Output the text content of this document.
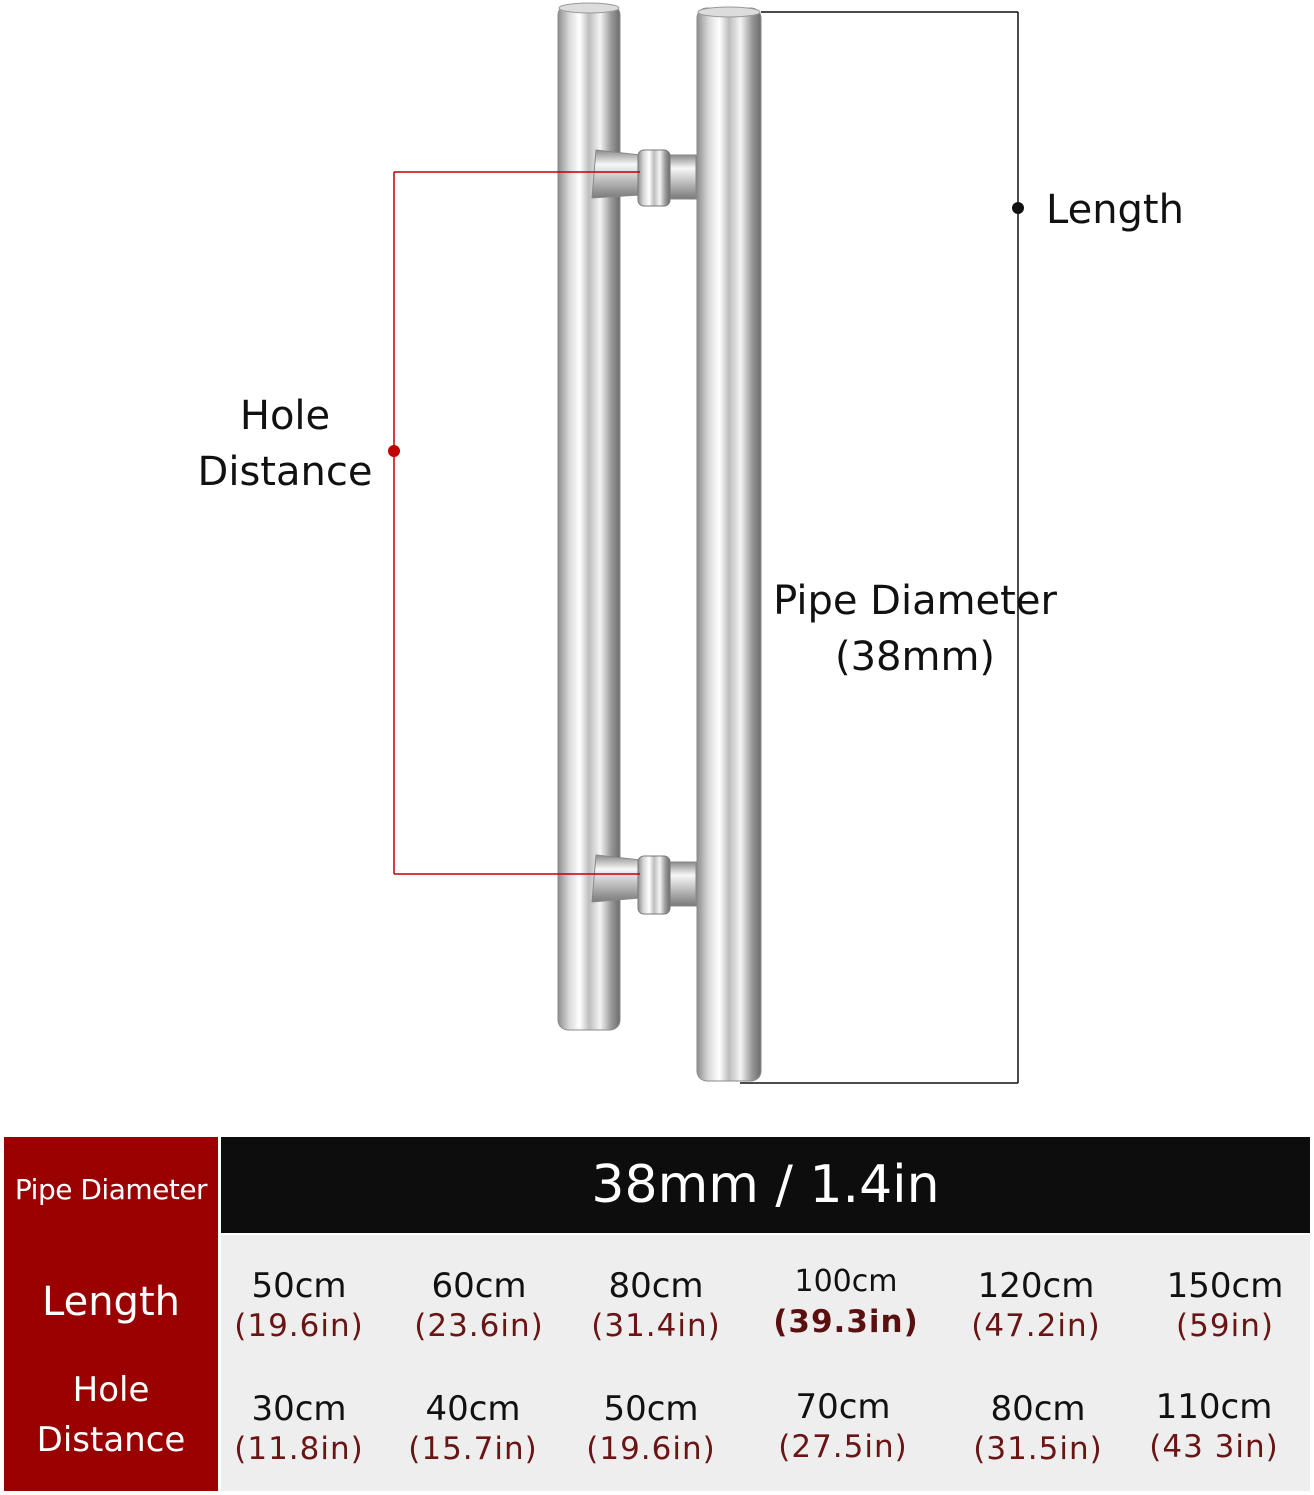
Length
Hole
Distance
Pipe Diameter
(38mm)
Pipe Diameter
Length
Hole
Distance
38mm / 1.4in
50cm
(19.6in)
60cm
(23.6in)
80cm
(31.4in)
100cm
(39.3in)
120cm
(47.2in)
150cm
(59in)
30cm
(11.8in)
40cm
(15.7in)
50cm
(19.6in)
70cm
(27.5in)
80cm
(31.5in)
110cm
(43 3in)
